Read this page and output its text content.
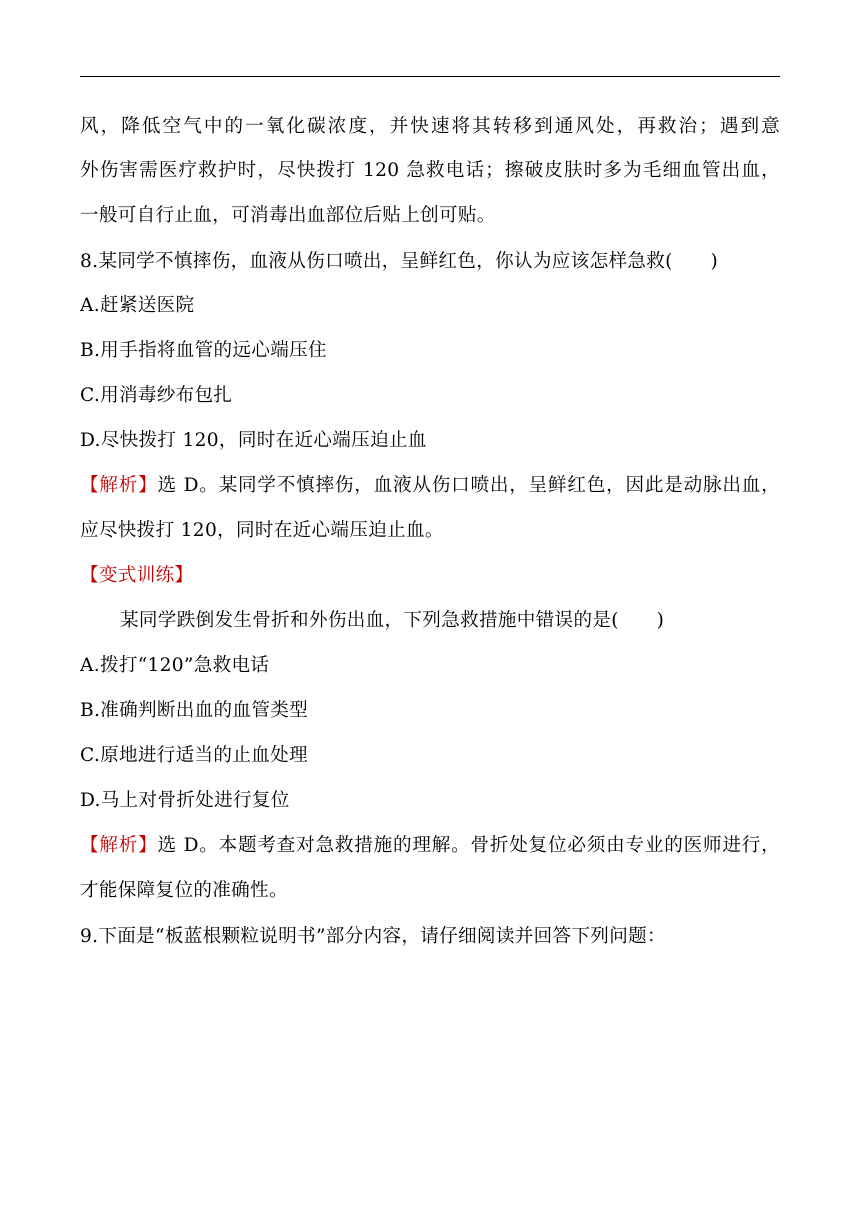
风，降低空气中的一氧化碳浓度，并快速将其转移到通风处，再救治；遇到意
外伤害需医疗救护时，尽快拨打 120 急救电话；擦破皮肤时多为毛细血管出血，
一般可自行止血，可消毒出血部位后贴上创可贴。
8.某同学不慎摔伤，血液从伤口喷出，呈鲜红色，你认为应该怎样急救(　　)
A.赶紧送医院
B.用手指将血管的远心端压住
C.用消毒纱布包扎
D.尽快拨打 120，同时在近心端压迫止血
【解析】选 D。某同学不慎摔伤，血液从伤口喷出，呈鲜红色，因此是动脉出血，
应尽快拨打 120，同时在近心端压迫止血。
【变式训练】
某同学跌倒发生骨折和外伤出血，下列急救措施中错误的是(　　)
A.拨打“120”急救电话
B.准确判断出血的血管类型
C.原地进行适当的止血处理
D.马上对骨折处进行复位
【解析】选 D。本题考查对急救措施的理解。骨折处复位必须由专业的医师进行，
才能保障复位的准确性。
9.下面是“板蓝根颗粒说明书”部分内容，请仔细阅读并回答下列问题：
